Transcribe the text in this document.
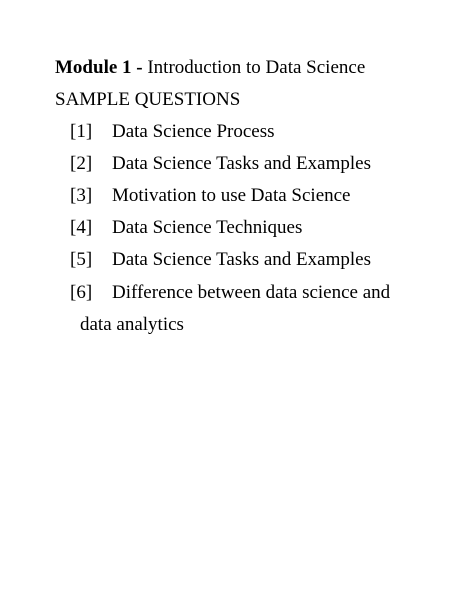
Module 1 - Introduction to Data Science
SAMPLE QUESTIONS
[1] Data Science Process
[2] Data Science Tasks and Examples
[3] Motivation to use Data Science
[4] Data Science Techniques
[5] Data Science Tasks and Examples
[6] Difference between data science and
data analytics
